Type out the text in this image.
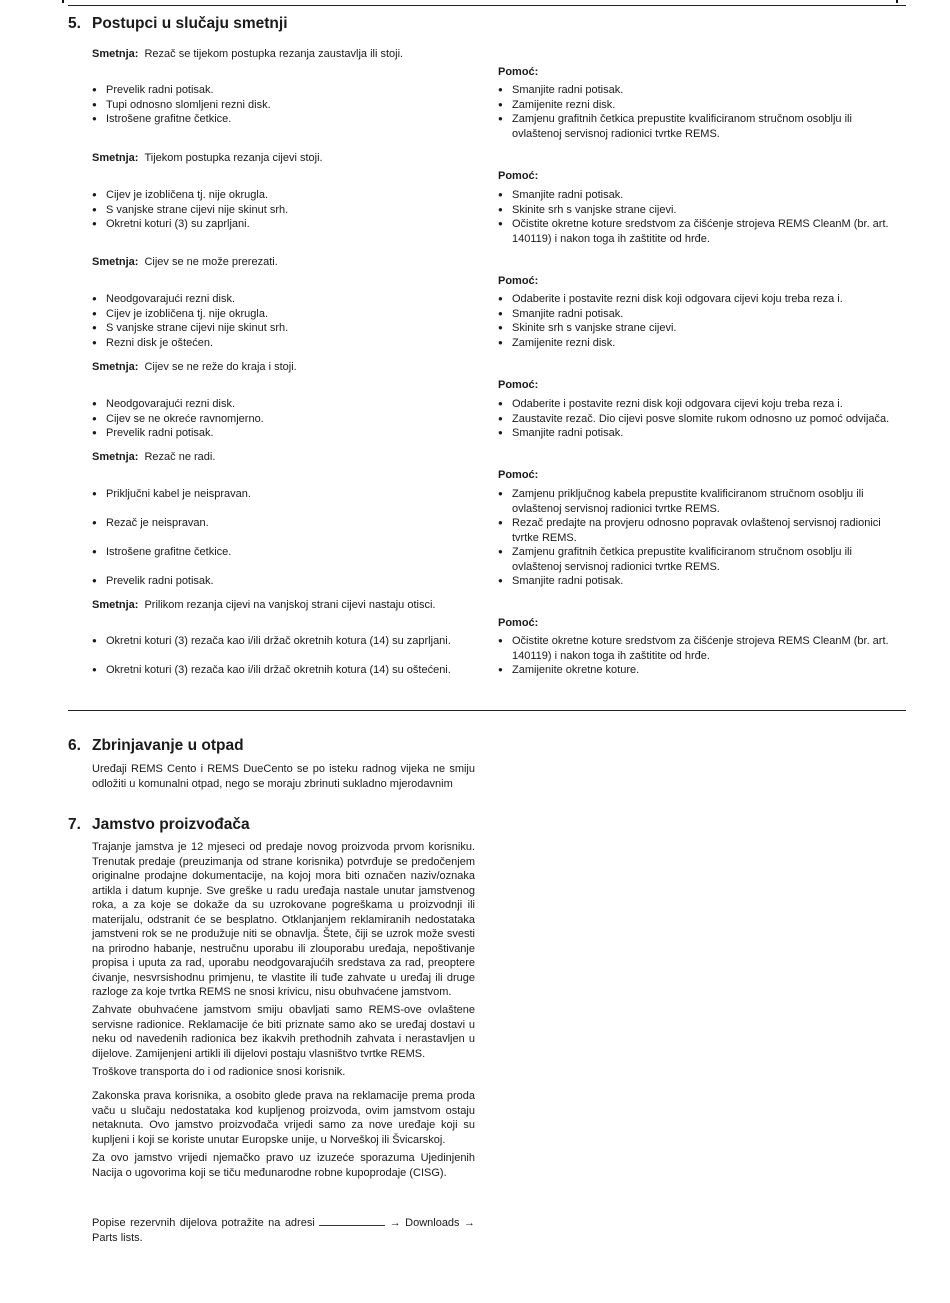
5. Postupci u slučaju smetnji

Smetnja: Rezač se tijekom postupka rezanja zaustavlja ili stoji.

Pomoć:

● Prevelik radni potisak.
● Tupi odnosno slomljeni rezni disk.
● Istrošene grafitne četkice.
● Smanjite radni potisak.
● Zamijenite rezni disk.
● Zamjenu grafitnih četkica prepustite kvalificiranom stručnom osoblju ili ovlaštenoj servisnoj radionici tvrtke REMS.

Smetnja: Tijekom postupka rezanja cijevi stoji.

Pomoć:

● Cijev je izobličena tj. nije okrugla.
● S vanjske strane cijevi nije skinut srh.
● Okretni koturi (3) su zaprljani.
● Smanjite radni potisak.
● Skinite srh s vanjske strane cijevi.
● Očistite okretne koture sredstvom za čišćenje strojeva REMS CleanM (br. art. 140119) i nakon toga ih zaštitite od hrđe.

Smetnja: Cijev se ne može prerezati.

Pomoć:

● Neodgovarajući rezni disk.
● Cijev je izobličena tj. nije okrugla.
● S vanjske strane cijevi nije skinut srh.
● Rezni disk je oštećen.
● Odaberite i postavite rezni disk koji odgovara cijevi koju treba reza i.
● Smanjite radni potisak.
● Skinite srh s vanjske strane cijevi.
● Zamijenite rezni disk.

Smetnja: Cijev se ne reže do kraja i stoji.

Pomoć:

● Neodgovarajući rezni disk.
● Cijev se ne okreće ravnomjerno.
● Prevelik radni potisak.
● Odaberite i postavite rezni disk koji odgovara cijevi koju treba reza i.
● Zaustavite rezač. Dio cijevi posve slomite rukom odnosno uz pomoć odvijača.
● Smanjite radni potisak.

Smetnja: Rezač ne radi.

Pomoć:

● Priključni kabel je neispravan.
● Rezač je neispravan.
● Istrošene grafitne četkice.
● Prevelik radni potisak.
● Zamjenu priključnog kabela prepustite kvalificiranom stručnom osoblju ili ovlaštenoj servisnoj radionici tvrtke REMS.
● Rezač predajte na provjeru odnosno popravak ovlaštenoj servisnoj radionici tvrtke REMS.
● Zamjenu grafitnih četkica prepustite kvalificiranom stručnom osoblju ili ovlaštenoj servisnoj radionici tvrtke REMS.
● Smanjite radni potisak.

Smetnja: Prilikom rezanja cijevi na vanjskoj strani cijevi nastaju otisci.

Pomoć:

● Okretni koturi (3) rezača kao i/ili držač okretnih kotura (14) su zaprljani.
● Okretni koturi (3) rezača kao i/ili držač okretnih kotura (14) su oštećeni.
● Očistite okretne koture sredstvom za čišćenje strojeva REMS CleanM (br. art. 140119) i nakon toga ih zaštitite od hrđe.
● Zamijenite okretne koture.
6. Zbrinjavanje u otpad

Uređaji REMS Cento i REMS DueCento se po isteku radnog vijeka ne smiju odložiti u komunalni otpad, nego se moraju zbrinuti sukladno mjerodavnim

7. Jamstvo proizvođača

Trajanje jamstva je 12 mjeseci od predaje novog proizvoda prvom korisniku. Trenutak predaje (preuzimanja od strane korisnika) potvrđuje se predočenjem originalne prodajne dokumentacije, na kojoj mora biti označen naziv/oznaka artikla i datum kupnje. Sve greške u radu uređaja nastale unutar jamstvenog roka, a za koje se dokaže da su uzrokovane pogreškama u proizvodnji ili materijalu, odstranit će se besplatno. Otklanjanjem reklamiranih nedostataka jamstveni rok se ne produžuje niti se obnavlja. Štete, čiji se uzrok može svesti na prirodno habanje, nestručnu uporabu ili zlouporabu uređaja, nepoštivanje propisa i uputa za rad, uporabu neodgovarajućih sredstava za rad, preoptere ćivanje, nesvrsishodnu primjenu, te vlastite ili tuđe zahvate u uređaj ili druge razloge za koje tvrtka REMS ne snosi krivicu, nisu obuhvaćene jamstvom.

Zahvate obuhvaćene jamstvom smiju obavljati samo REMS-ove ovlaštene servisne radionice. Reklamacije će biti priznate samo ako se uređaj dostavi u neku od navedenih radionica bez ikakvih prethodnih zahvata i nerastavljen u dijelove. Zamijenjeni artikli ili dijelovi postaju vlasništvo tvrtke REMS.

Troškove transporta do i od radionice snosi korisnik.

Zakonska prava korisnika, a osobito glede prava na reklamacije prema proda vaču u slučaju nedostataka kod kupljenog proizvoda, ovim jamstvom ostaju netaknuta. Ovo jamstvo proizvođača vrijedi samo za nove uređaje koji su kupljeni i koji se koriste unutar Europske unije, u Norveškoj ili Švicarskoj.

Za ovo jamstvo vrijedi njemačko pravo uz izuzeće sporazuma Ujedinjenih Nacija o ugovorima koji se tiču međunarodne robne kupoprodaje (CISG).

Popise rezervnih dijelova potražite na adresi	→ Downloads → Parts lists.
